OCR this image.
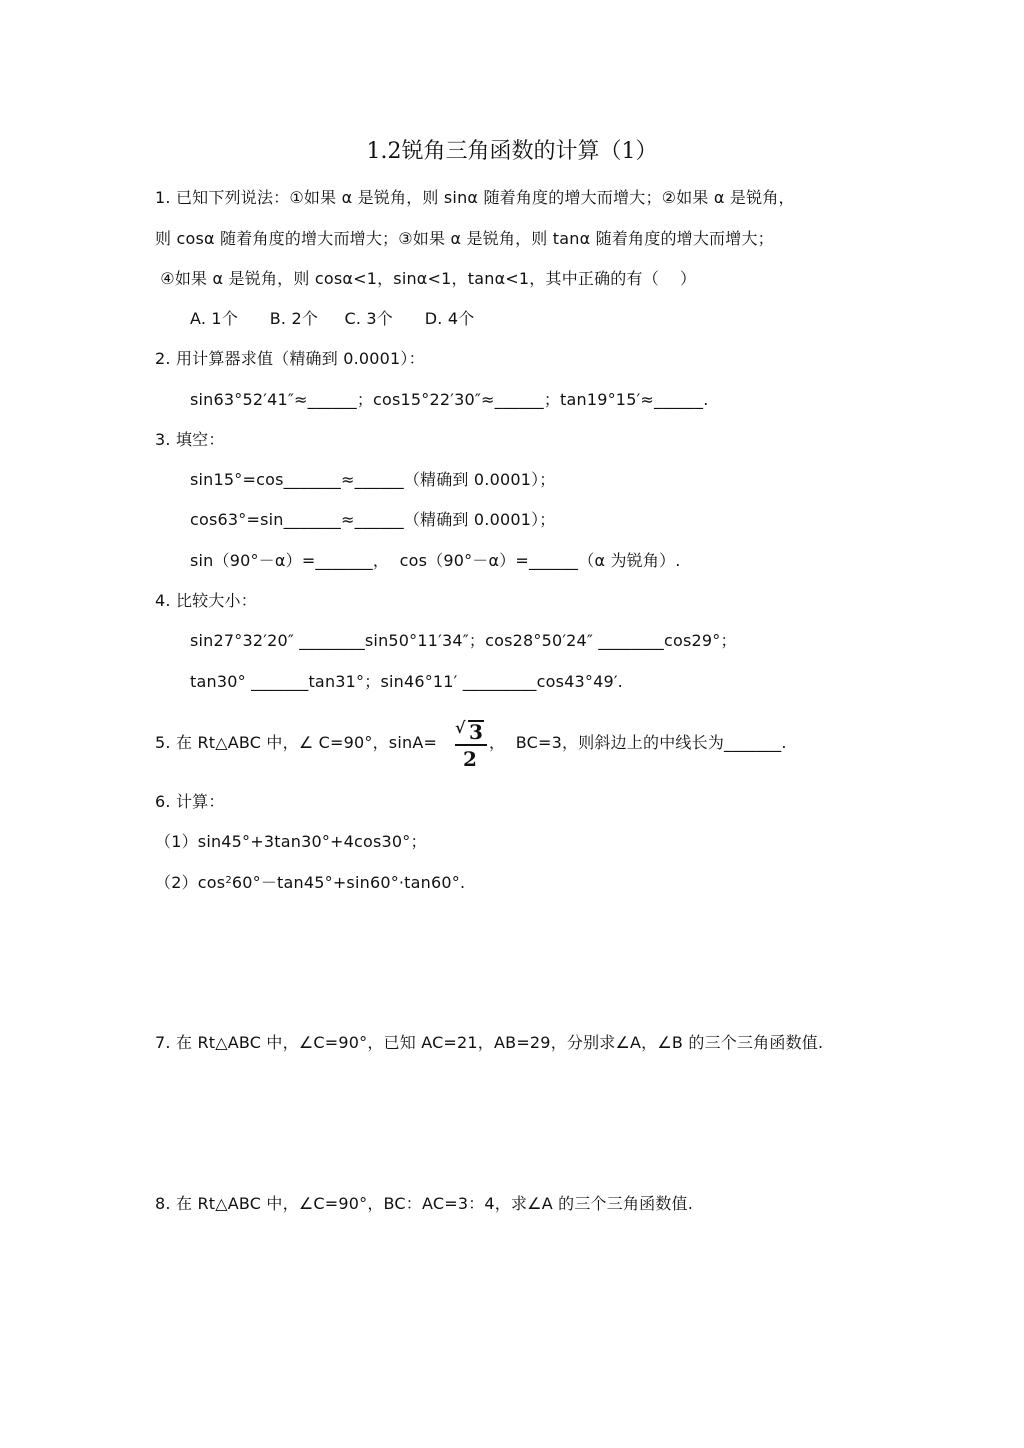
1.2锐角三角函数的计算（1）
1. 已知下列说法：①如果 α 是锐角，则 sinα 随着角度的增大而增大；②如果 α 是锐角，
则 cosα 随着角度的增大而增大；③如果 α 是锐角，则 tanα 随着角度的增大而增大；
④如果 α 是锐角，则 cosα<1，sinα<1，tanα<1，其中正确的有（    ）
A. 1个      B. 2个     C. 3个      D. 4个
2. 用计算器求值（精确到 0.0001）：
sin63°52′41″≈______；cos15°22′30″≈______；tan19°15′≈______.
3. 填空：
sin15°=cos_______≈______（精确到 0.0001）；
cos63°=sin_______≈______（精确到 0.0001）；
sin（90°－α）=_______，  cos（90°－α）=______（α 为锐角）.
4. 比较大小：
sin27°32′20″ ________sin50°11′34″；cos28°50′24″ ________cos29°；
tan30° _______tan31°；sin46°11′ _________cos43°49′.
5. 在 Rt△ABC 中，∠ C=90°，sinA=
√ 3
2
，  BC=3，则斜边上的中线长为_______.
6. 计算：
（1）sin45°+3tan30°+4cos30°；
$(2)\cos^260^\circ-\tan 45^\circ+\sin 60^\circ\cdot\tan 60^\circ$.
7. 在 Rt△ABC 中，∠C=90°，已知 AC=21，AB=29，分别求∠A，∠B 的三个三角函数值.
8. 在 Rt△ABC 中，∠C=90°，BC：AC=3：4，求∠A 的三个三角函数值.
